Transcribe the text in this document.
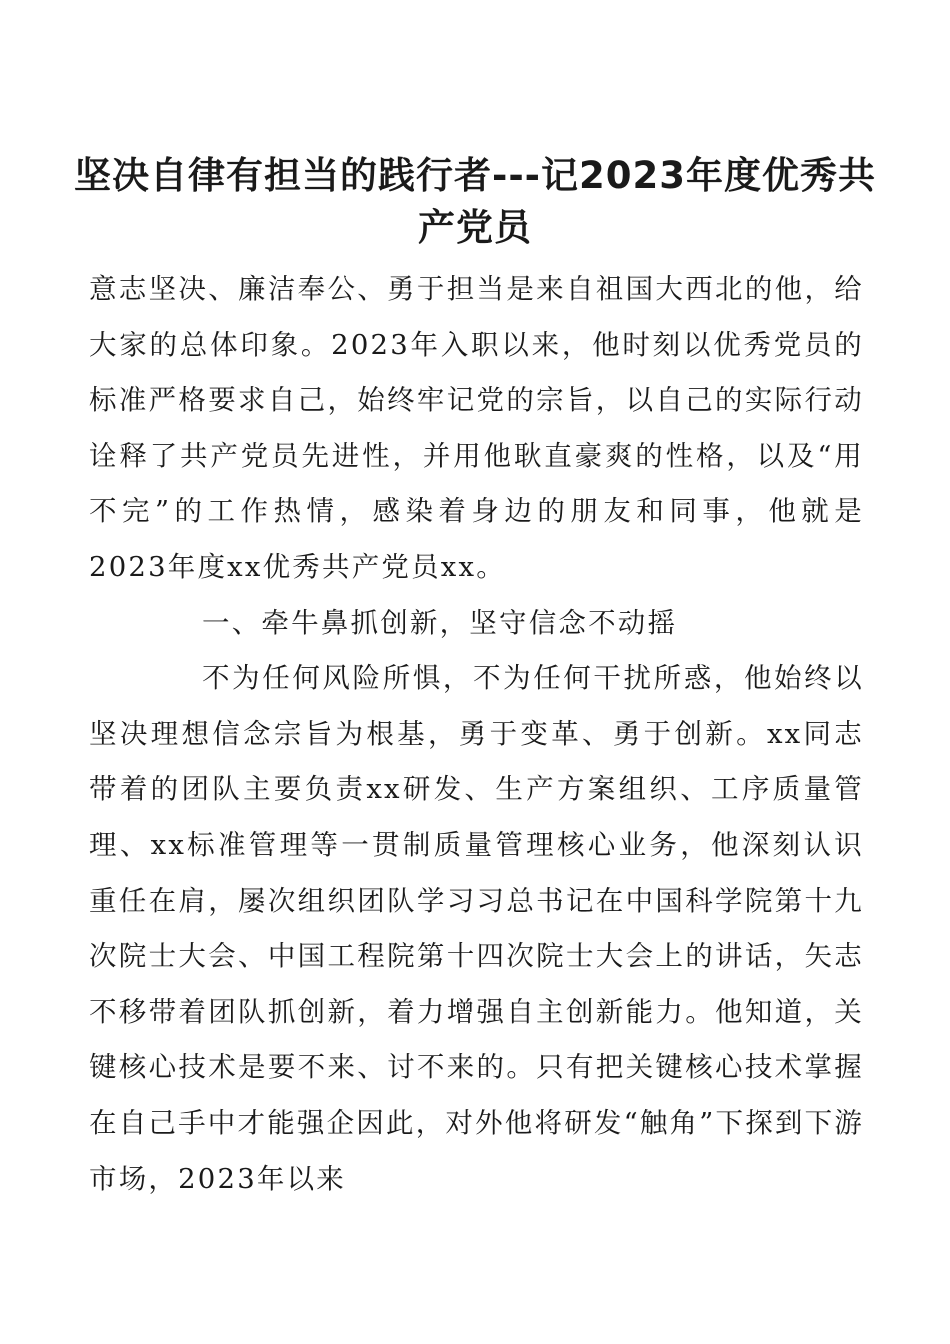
坚决自律有担当的践行者---记2023年度优秀共产党员

意志坚决、廉洁奉公、勇于担当是来自祖国大西北的他，给大家的总体印象。2023年入职以来，他时刻以优秀党员的标准严格要求自己，始终牢记党的宗旨，以自己的实际行动诠释了共产党员先进性，并用他耿直豪爽的性格，以及“用不完”的工作热情，感染着身边的朋友和同事，他就是2023年度xx优秀共产党员xx。

一、牵牛鼻抓创新，坚守信念不动摇

不为任何风险所惧，不为任何干扰所惑，他始终以坚决理想信念宗旨为根基，勇于变革、勇于创新。xx同志带着的团队主要负责xx研发、生产方案组织、工序质量管理、xx标准管理等一贯制质量管理核心业务，他深刻认识重任在肩，屡次组织团队学习习总书记在中国科学院第十九次院士大会、中国工程院第十四次院士大会上的讲话，矢志不移带着团队抓创新，着力增强自主创新能力。他知道，关键核心技术是要不来、讨不来的。只有把关键核心技术掌握在自己手中才能强企因此，对外他将研发“触角”下探到下游市场，2023年以来
